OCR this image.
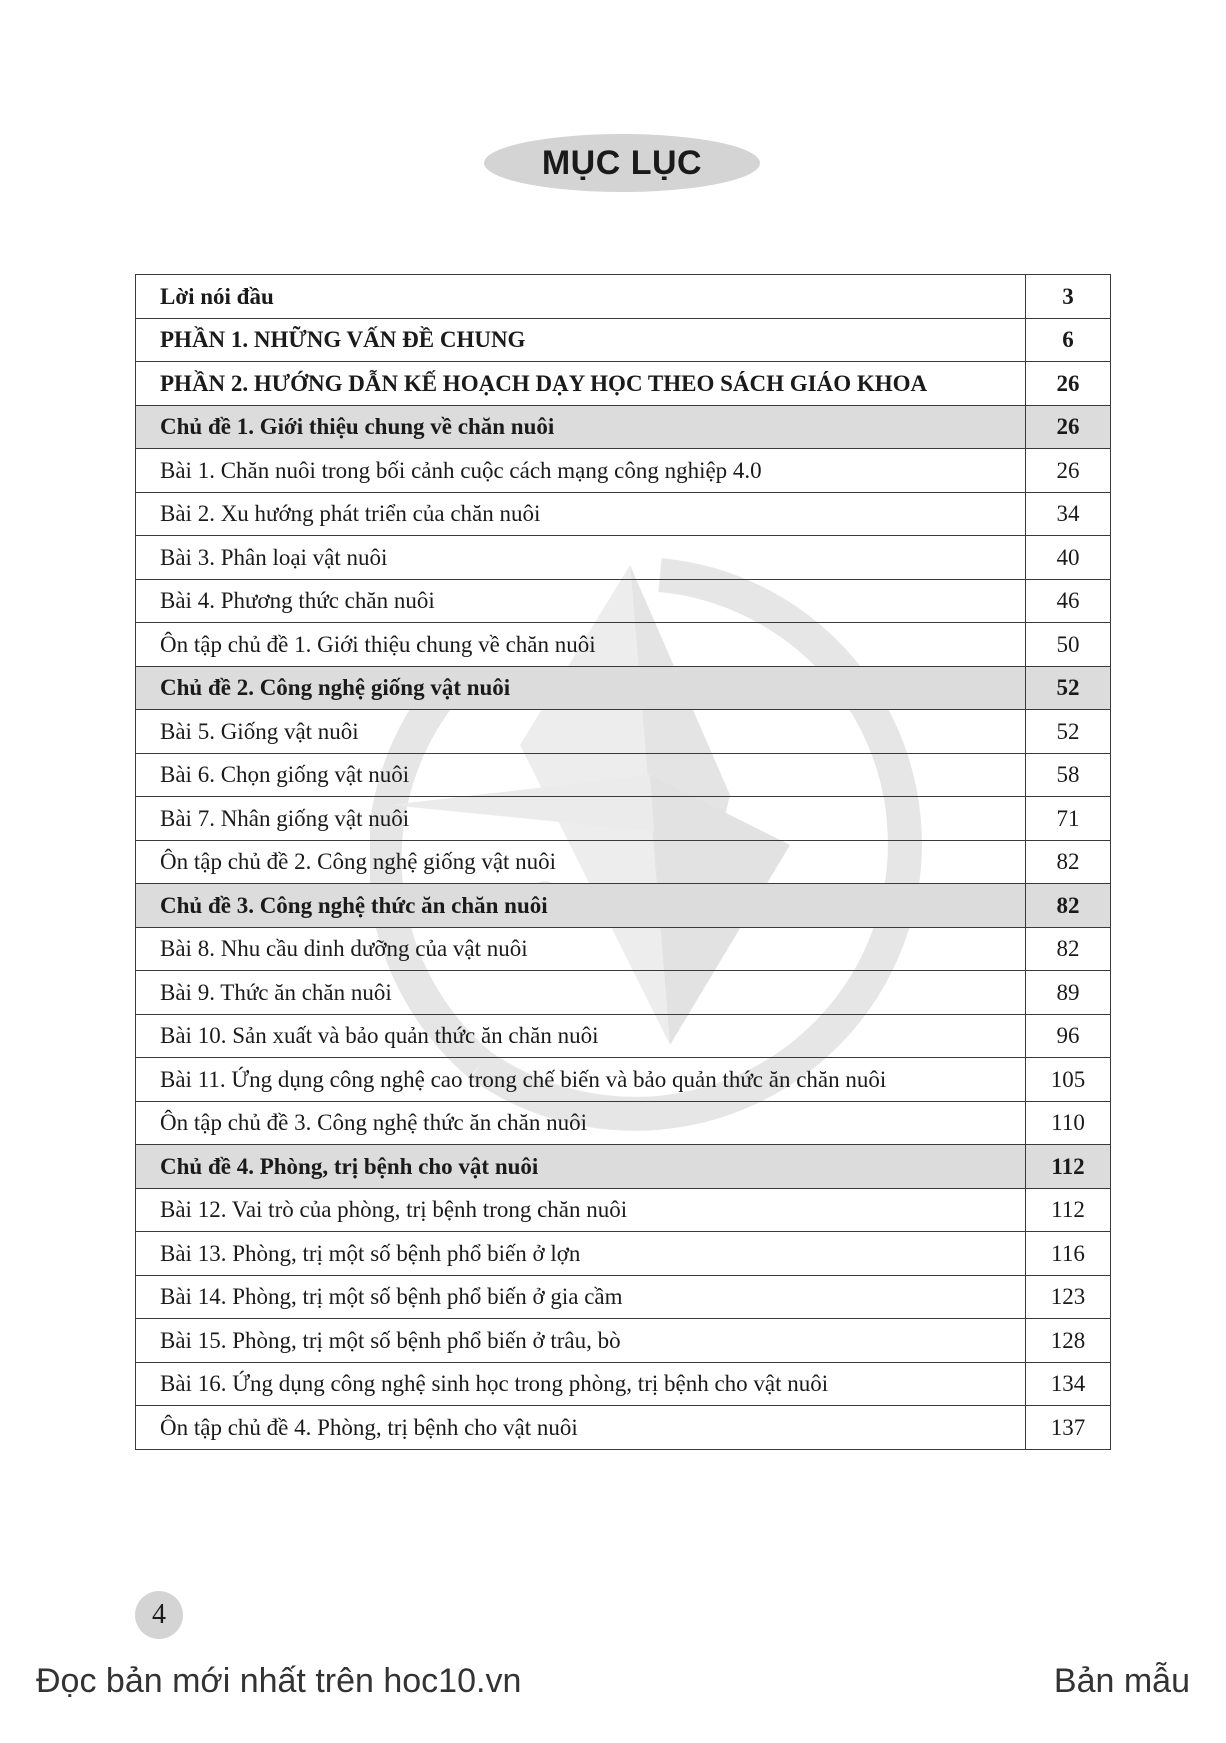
MỤC LỤC
Lời nói đầu	3
PHẦN 1. NHỮNG VẤN ĐỀ CHUNG	6
PHẦN 2. HƯỚNG DẪN KẾ HOẠCH DẠY HỌC THEO SÁCH GIÁO KHOA	26
Chủ đề 1. Giới thiệu chung về chăn nuôi	26
Bài 1. Chăn nuôi trong bối cảnh cuộc cách mạng công nghiệp 4.0	26
Bài 2. Xu hướng phát triển của chăn nuôi	34
Bài 3. Phân loại vật nuôi	40
Bài 4. Phương thức chăn nuôi	46
Ôn tập chủ đề 1. Giới thiệu chung về chăn nuôi	50
Chủ đề 2. Công nghệ giống vật nuôi	52
Bài 5. Giống vật nuôi	52
Bài 6. Chọn giống vật nuôi	58
Bài 7. Nhân giống vật nuôi	71
Ôn tập chủ đề 2. Công nghệ giống vật nuôi	82
Chủ đề 3. Công nghệ thức ăn chăn nuôi	82
Bài 8. Nhu cầu dinh dưỡng của vật nuôi	82
Bài 9. Thức ăn chăn nuôi	89
Bài 10. Sản xuất và bảo quản thức ăn chăn nuôi	96
Bài 11. Ứng dụng công nghệ cao trong chế biến và bảo quản thức ăn chăn nuôi	105
Ôn tập chủ đề 3. Công nghệ thức ăn chăn nuôi	110
Chủ đề 4. Phòng, trị bệnh cho vật nuôi	112
Bài 12. Vai trò của phòng, trị bệnh trong chăn nuôi	112
Bài 13. Phòng, trị một số bệnh phổ biến ở lợn	116
Bài 14. Phòng, trị một số bệnh phổ biến ở gia cầm	123
Bài 15. Phòng, trị một số bệnh phổ biến ở trâu, bò	128
Bài 16. Ứng dụng công nghệ sinh học trong phòng, trị bệnh cho vật nuôi	134
Ôn tập chủ đề 4. Phòng, trị bệnh cho vật nuôi	137
4
Đọc bản mới nhất trên hoc10.vn	Bản mẫu
